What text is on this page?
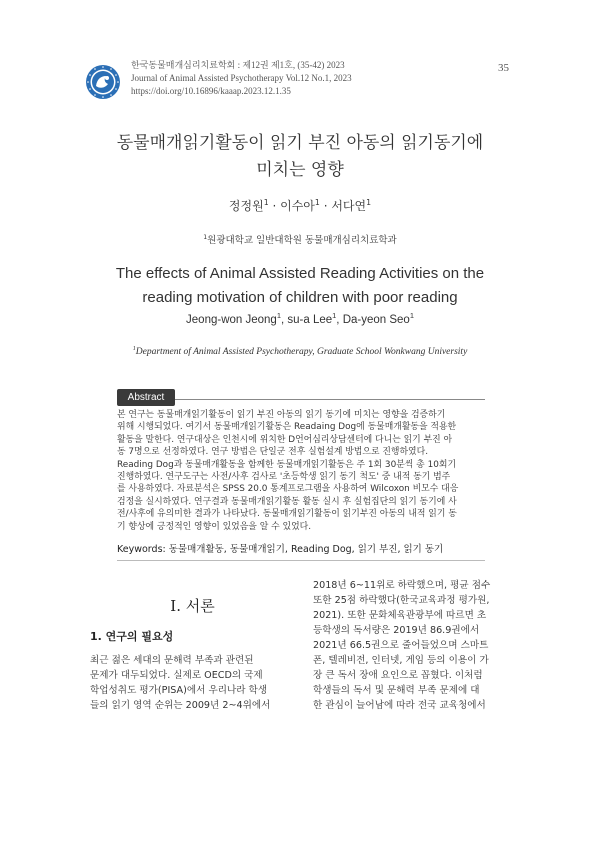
한국동물매개심리치료학회 : 제12권 제1호, (35-42) 2023
Journal of Animal Assisted Psychotherapy Vol.12 No.1, 2023
https://doi.org/10.16896/kaaap.2023.12.1.35
35
동물매개읽기활동이 읽기 부진 아동의 읽기동기에
미치는 영향
정정원$^1$ · 이수아$^1$ · 서다연$^1$
$^1$원광대학교 일반대학원 동물매개심리치료학과
The effects of Animal Assisted Reading Activities on the
reading motivation of children with poor reading
Jeong-won Jeong$^1$, su-a Lee$^1$, Da-yeon Seo$^1$
$^1$Department of Animal Assisted Psychotherapy, Graduate School Wonkwang University
Abstract
본 연구는 동물매개읽기활동이 읽기 부진 아동의 읽기 동기에 미치는 영향을 검증하기
위해 시행되었다. 여기서 동물매개읽기활동은 Readaing Dog에 동물매개활동을 적용한
활동을 말한다. 연구대상은 인천시에 위치한 D언어심리상담센터에 다니는 읽기 부진 아
동 7명으로 선정하였다. 연구 방법은 단일군 전후 실험설계 방법으로 진행하였다.
Reading Dog과 동물매개활동을 함께한 동물매개읽기활동은 주 1회 30분씩 총 10회기
진행하였다. 연구도구는 사전/사후 검사로 '초등학생 읽기 동기 척도' 중 내적 동기 범주
를 사용하였다. 자료분석은 SPSS 20.0 통계프로그램을 사용하여 Wilcoxon 비모수 대응
검정을 실시하였다. 연구결과 동물매개읽기활동 활동 실시 후 실험집단의 읽기 동기에 사
전/사후에 유의미한 결과가 나타났다. 동물매개읽기활동이 읽기부진 아동의 내적 읽기 동
기 향상에 긍정적인 영향이 있었음을 알 수 있었다.
Keywords: 동물매개활동, 동물매개읽기, Reading Dog, 읽기 부진, 읽기 동기
I. 서론
1. 연구의 필요성
최근 젊은 세대의 문해력 부족과 관련된
문제가 대두되었다. 실제로 OECD의 국제
학업성취도 평가(PISA)에서 우리나라 학생
들의 읽기 영역 순위는 2009년 2~4위에서
2018년 6~11위로 하락했으며, 평균 점수
또한 25점 하락했다(한국교육과정 평가원,
2021). 또한 문화체육관광부에 따르면 초
등학생의 독서량은 2019년 86.9권에서
2021년 66.5권으로 줄어들었으며 스마트
폰, 텔레비전, 인터넷, 게임 등의 이용이 가
장 큰 독서 장애 요인으로 꼽혔다. 이처럼
학생들의 독서 및 문해력 부족 문제에 대
한 관심이 늘어남에 따라 전국 교육청에서
